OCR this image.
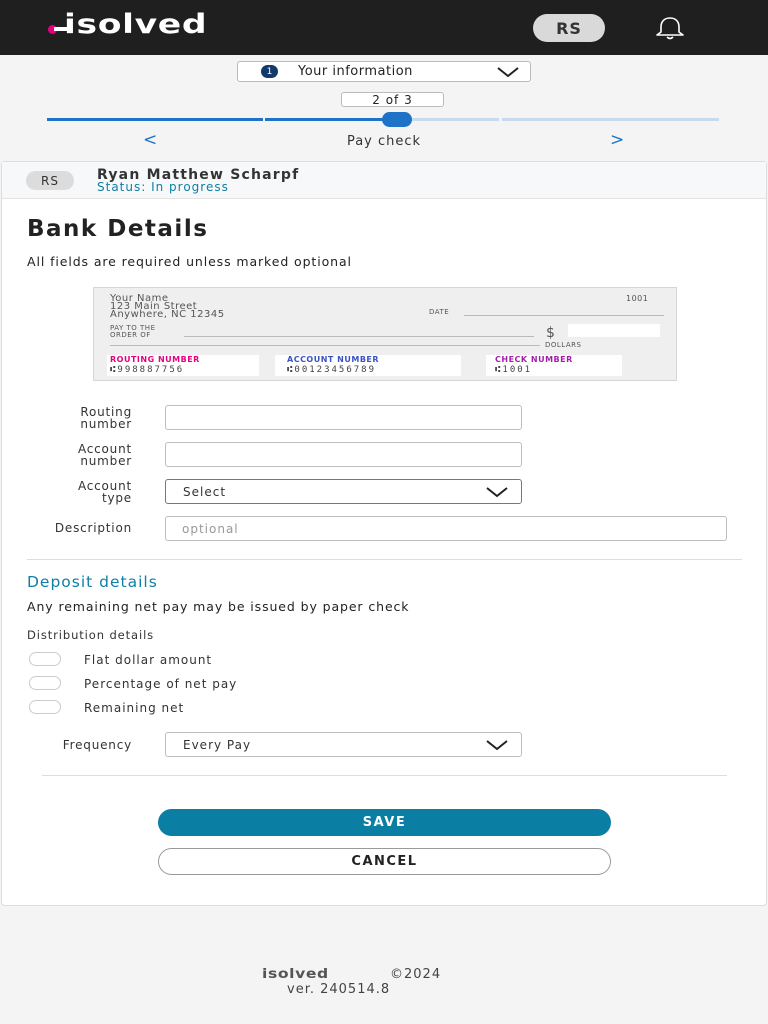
isolved	RS
1	Your information
2 of 3
<	Pay check	>
RS	Ryan Matthew Scharpf
Status: In progress
Bank Details
All fields are required unless marked optional
Your Name
123 Main Street
Anywhere, NC 12345
1001
DATE
PAY TO THE
ORDER OF	$
DOLLARS
ROUTING NUMBER
⑆998887756
ACCOUNT NUMBER
⑆00123456789
CHECK NUMBER
⑆1001
Routing
number
Account
number
Account
type	Select
Description
optional
Deposit details
Any remaining net pay may be issued by paper check
Distribution details
Flat dollar amount
Percentage of net pay
Remaining net
Frequency	Every Pay
SAVE
CANCEL
isolved	©2024
ver. 240514.8
